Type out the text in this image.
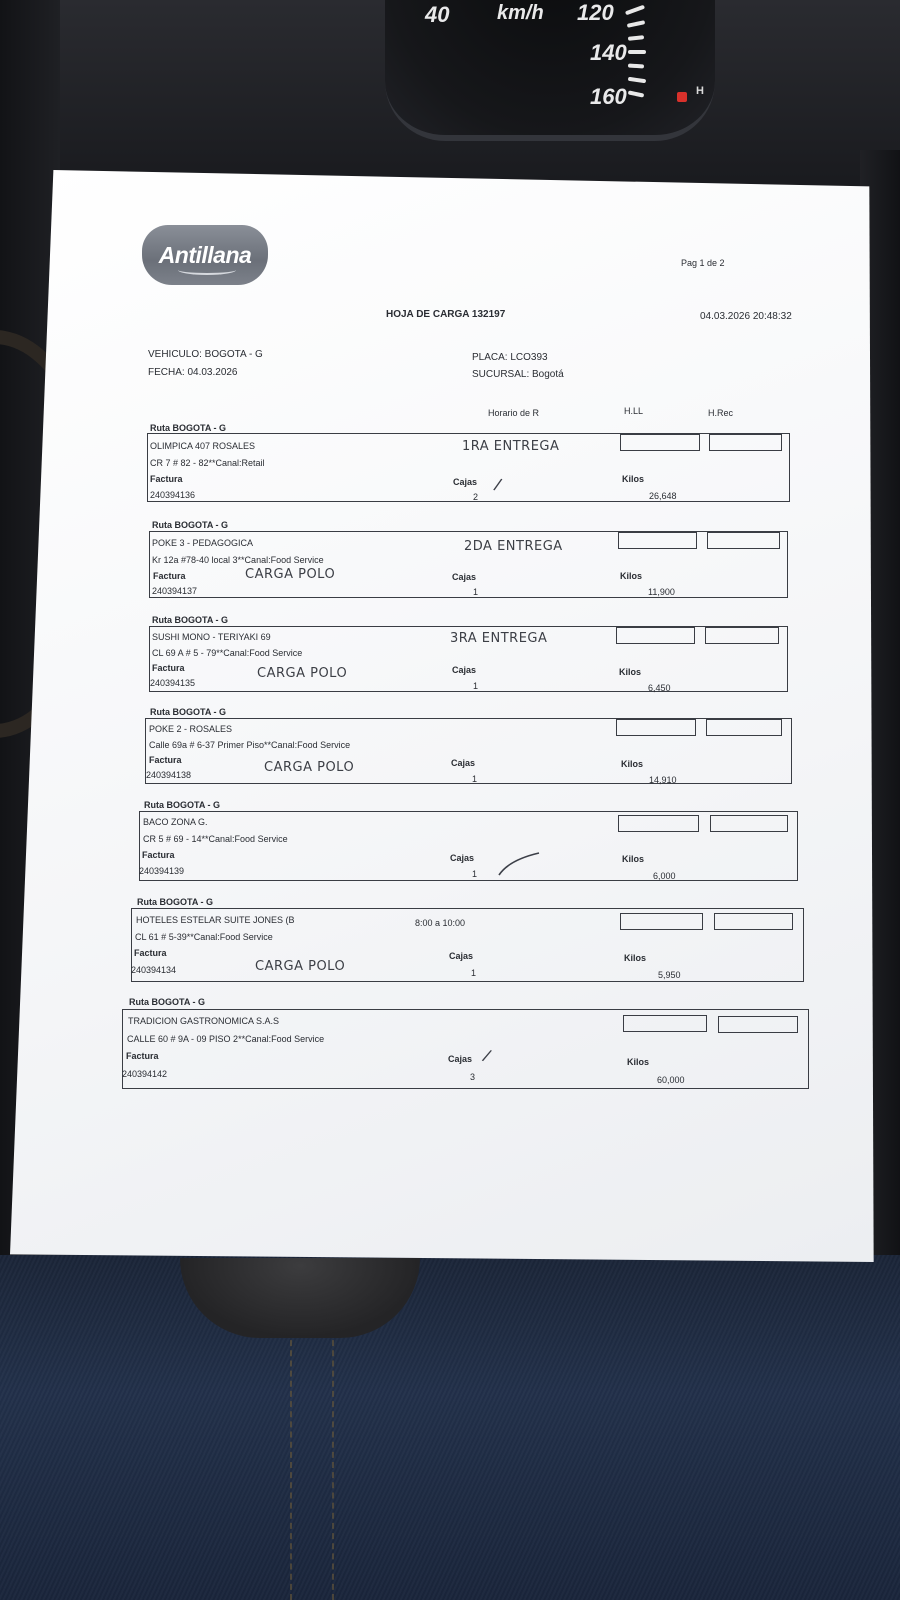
40 km/h 120
140
160	H
Antillana	Pag 1 de 2
HOJA DE CARGA 132197	04.03.2026 20:48:32
VEHICULO: BOGOTA - G
FECHA: 04.03.2026
PLACA: LCO393
SUCURSAL: Bogotá
Horario de R	H.LL	H.Rec
Ruta BOGOTA - G
OLIMPICA 407 ROSALES	1RA ENTREGA
CR 7 # 82 - 82**Canal:Retail
Factura	Cajas	Kilos
240394136	2	26,648
/
Ruta BOGOTA - G
POKE 3 - PEDAGOGICA	2DA ENTREGA
Kr 12a #78-40 local 3**Canal:Food Service
Factura	CARGA POLO	Cajas	Kilos
240394137	1	11,900
Ruta BOGOTA - G
SUSHI MONO - TERIYAKI 69	3RA ENTREGA
CL 69 A # 5 - 79**Canal:Food Service
Factura	CARGA POLO	Cajas	Kilos
240394135	1	6,450
Ruta BOGOTA - G
POKE 2 - ROSALES
Calle 69a # 6-37 Primer Piso**Canal:Food Service
Factura	CARGA POLO	Cajas	Kilos
240394138	1	14,910
Ruta BOGOTA - G
BACO ZONA G.
CR 5 # 69 - 14**Canal:Food Service
Factura	Cajas	Kilos
240394139	1	6,000
Ruta BOGOTA - G
HOTELES ESTELAR SUITE JONES (B	8:00 a 10:00
CL 61 # 5-39**Canal:Food Service
Factura
CARGA POLO
Cajas	Kilos
240394134	1	5,950
Ruta BOGOTA - G
TRADICION GASTRONOMICA S.A.S
CALLE 60 # 9A - 09 PISO 2**Canal:Food Service
Factura	Cajas	Kilos
240394142	3	60,000
/
